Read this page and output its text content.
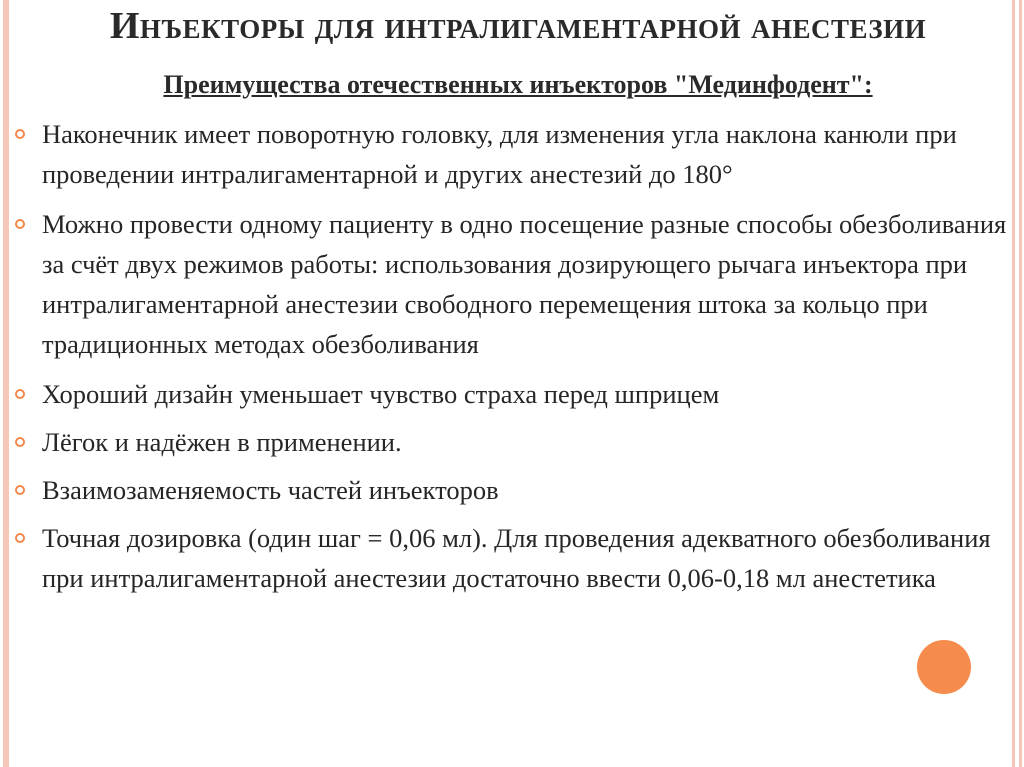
Инъекторы для интралигаментарной анестезии
Преимущества отечественных инъекторов "Мединфодент":
Наконечник имеет поворотную головку, для изменения угла наклона канюли при проведении интралигаментарной и других анестезий до 180°
Можно провести одному пациенту в одно посещение разные способы обезболивания за счёт двух режимов работы: использования дозирующего рычага инъектора при интралигаментарной анестезии свободного перемещения штока за кольцо при традиционных методах обезболивания
Хороший дизайн уменьшает чувство страха перед шприцем
Лёгок и надёжен в применении.
Взаимозаменяемость частей инъекторов
Точная дозировка (один шаг = 0,06 мл). Для проведения адекватного обезболивания при интралигаментарной анестезии достаточно ввести 0,06-0,18 мл анестетика
